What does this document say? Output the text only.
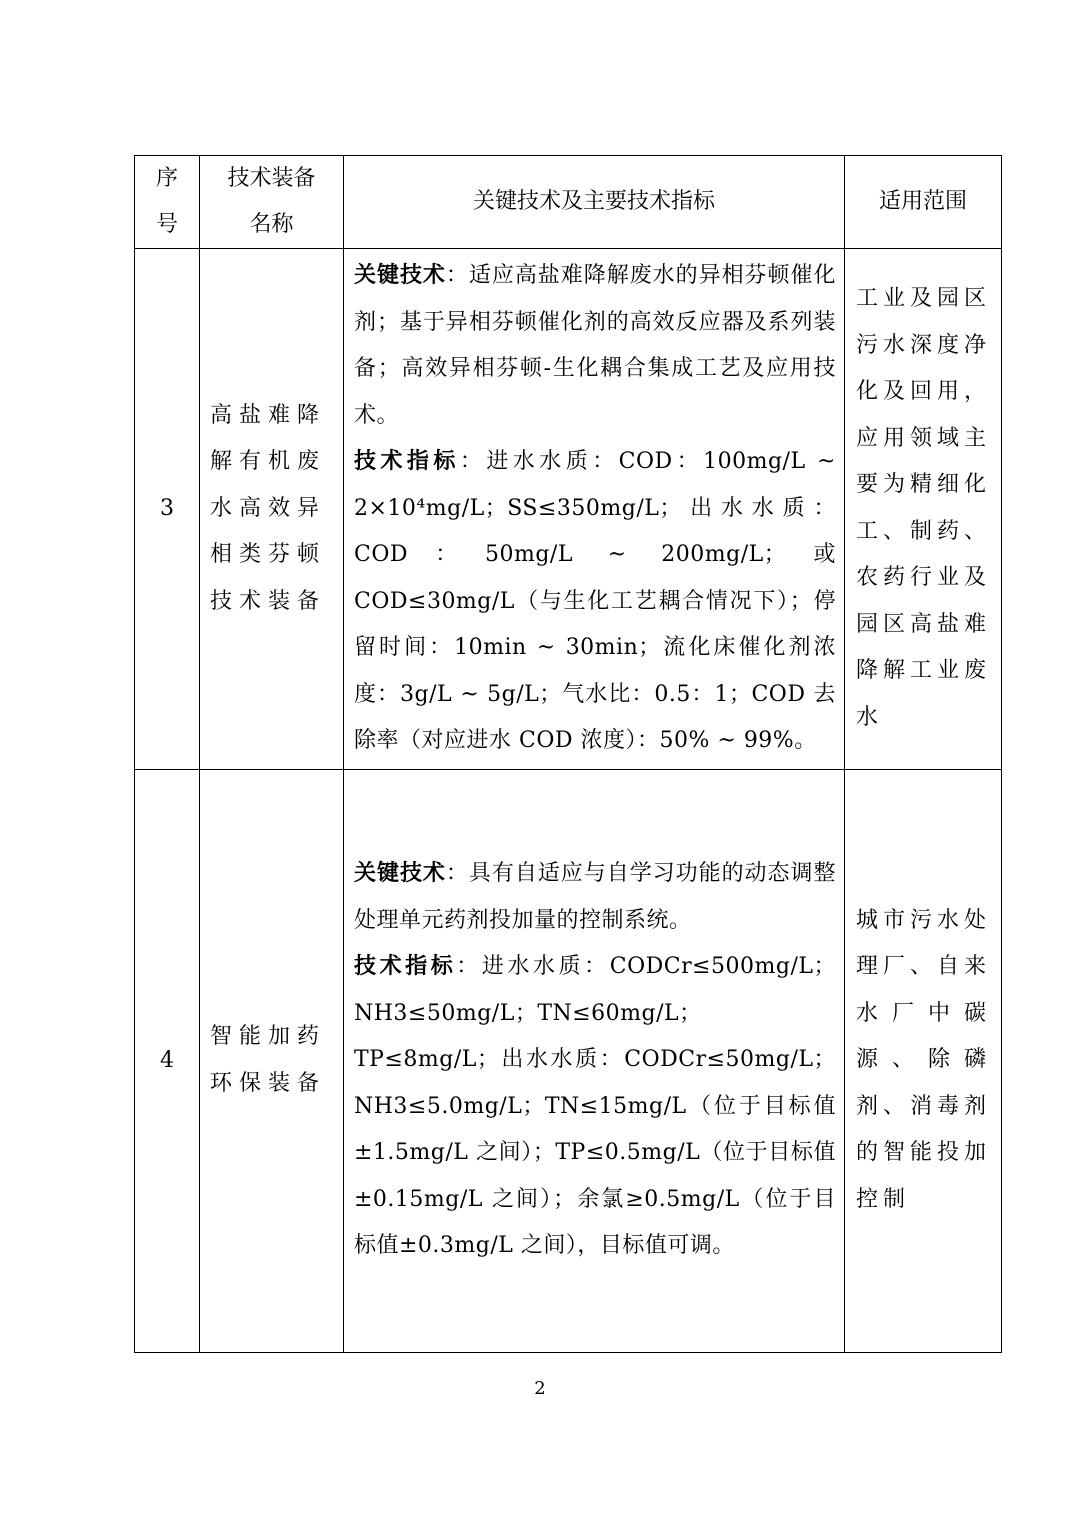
序号	技术装备名称	关键技术及主要技术指标	适用范围

3	高盐难降解有机废水高效异相类芬顿技术装备	关键技术：适应高盐难降解废水的异相芬顿催化剂；基于异相芬顿催化剂的高效反应器及系列装备；高效异相芬顿-生化耦合集成工艺及应用技术。

技术指标：进水水质：COD：100mg/L ~ 2×10⁴mg/L；SS≤350mg/L；出水水质：COD：50mg/L ~ 200mg/L；或 COD≤30mg/L（与生化工艺耦合情况下）；停留时间：10min ~ 30min；流化床催化剂浓度：3g/L ~ 5g/L；气水比：0.5：1；COD 去除率（对应进水 COD 浓度）：50% ~ 99%。	工业及园区污水深度净化及回用，应用领域主要为精细化工、制药、农药行业及园区高盐难降解工业废水
4	智能加药环保装备	关键技术：具有自适应与自学习功能的动态调整处理单元药剂投加量的控制系统。

技术指标：进水水质：CODCr≤500mg/L；NH3≤50mg/L；TN≤60mg/L；TP≤8mg/L；出水水质：CODCr≤50mg/L；NH3≤5.0mg/L；TN≤15mg/L（位于目标值±1.5mg/L 之间）；TP≤0.5mg/L（位于目标值±0.15mg/L 之间）；余氯≥0.5mg/L（位于目标值±0.3mg/L 之间），目标值可调。	城市污水处理厂、自来水厂中碳源、除磷剂、消毒剂的智能投加控制
2
